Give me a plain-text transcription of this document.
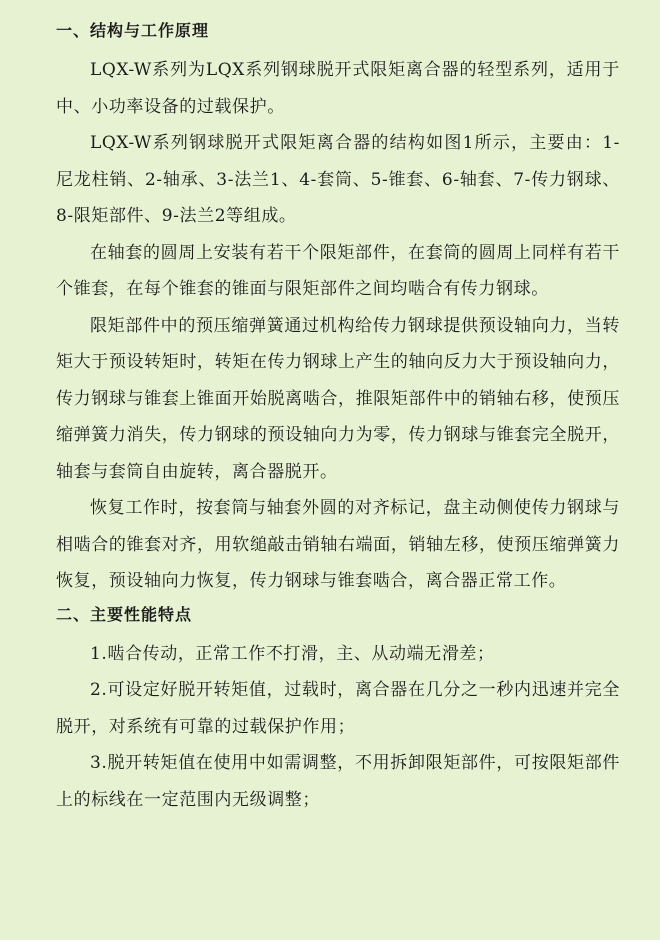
一、结构与工作原理

LQX-W系列为LQX系列钢球脱开式限矩离合器的轻型系列，适用于中、小功率设备的过载保护。

LQX-W系列钢球脱开式限矩离合器的结构如图1所示，主要由：1-尼龙柱销、2-轴承、3-法兰1、4-套筒、5-锥套、6-轴套、7-传力钢球、8-限矩部件、9-法兰2等组成。

在轴套的圆周上安装有若干个限矩部件，在套筒的圆周上同样有若干个锥套，在每个锥套的锥面与限矩部件之间均啮合有传力钢球。

限矩部件中的预压缩弹簧通过机构给传力钢球提供预设轴向力，当转矩大于预设转矩时，转矩在传力钢球上产生的轴向反力大于预设轴向力，传力钢球与锥套上锥面开始脱离啮合，推限矩部件中的销轴右移，使预压缩弹簧力消失，传力钢球的预设轴向力为零，传力钢球与锥套完全脱开，轴套与套筒自由旋转，离合器脱开。

恢复工作时，按套筒与轴套外圆的对齐标记，盘主动侧使传力钢球与相啮合的锥套对齐，用软缒敲击销轴右端面，销轴左移，使预压缩弹簧力恢复，预设轴向力恢复，传力钢球与锥套啮合，离合器正常工作。

二、主要性能特点

1.啮合传动，正常工作不打滑，主、从动端无滑差；

2.可设定好脱开转矩值，过载时，离合器在几分之一秒内迅速并完全脱开，对系统有可靠的过载保护作用；

3.脱开转矩值在使用中如需调整，不用拆卸限矩部件，可按限矩部件上的标线在一定范围内无级调整；
